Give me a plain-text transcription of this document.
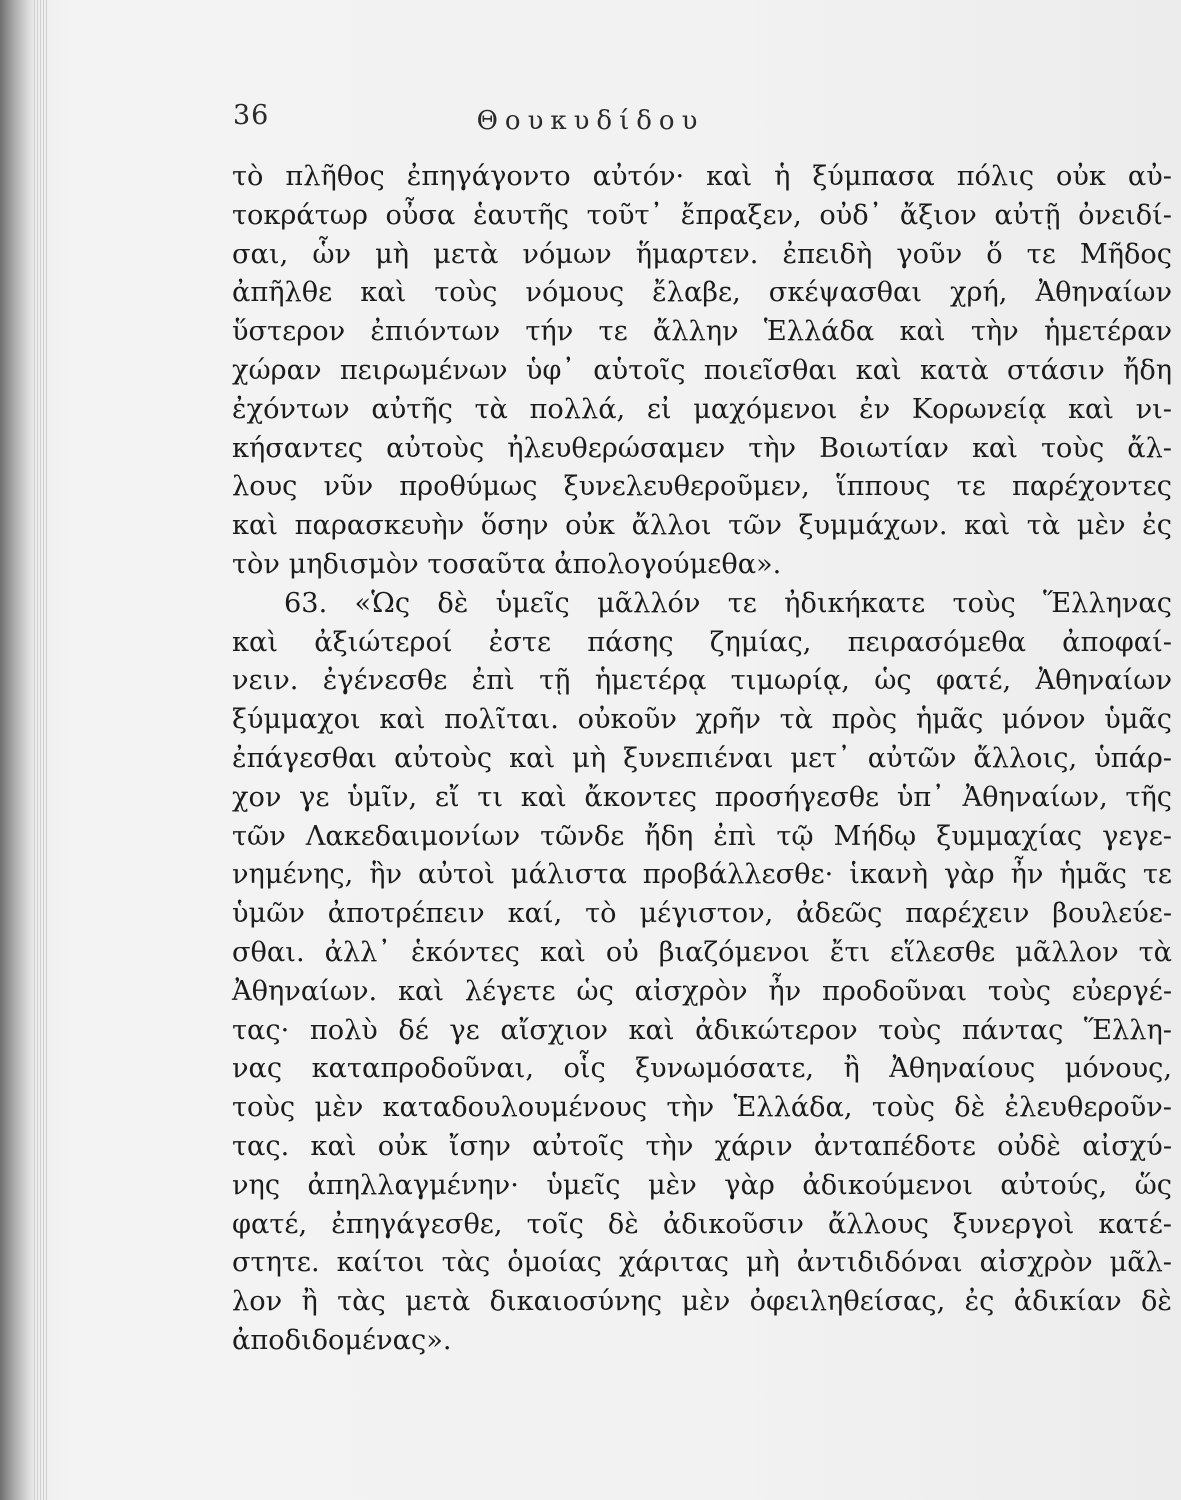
36	Θουκυδίδου
τὸ πλῆθος ἐπηγάγοντο αὐτόν· καὶ ἡ ξύμπασα πόλις οὐκ αὐ-
τοκράτωρ οὖσα ἑαυτῆς τοῦτ᾽ ἔπραξεν, οὐδ᾽ ἄξιον αὐτῇ ὀνειδί-
σαι, ὧν μὴ μετὰ νόμων ἥμαρτεν. ἐπειδὴ γοῦν ὅ τε Μῆδος
ἀπῆλθε καὶ τοὺς νόμους ἔλαβε, σκέψασθαι χρή, Ἀθηναίων
ὕστερον ἐπιόντων τήν τε ἄλλην Ἑλλάδα καὶ τὴν ἡμετέραν
χώραν πειρωμένων ὑφ᾽ αὑτοῖς ποιεῖσθαι καὶ κατὰ στάσιν ἤδη
ἐχόντων αὐτῆς τὰ πολλά, εἰ μαχόμενοι ἐν Κορωνείᾳ καὶ νι-
κήσαντες αὐτοὺς ἠλευθερώσαμεν τὴν Βοιωτίαν καὶ τοὺς ἄλ-
λους νῦν προθύμως ξυνελευθεροῦμεν, ἵππους τε παρέχοντες
καὶ παρασκευὴν ὅσην οὐκ ἄλλοι τῶν ξυμμάχων. καὶ τὰ μὲν ἐς
τὸν μηδισμὸν τοσαῦτα ἀπολογούμεθα».
63. «Ὡς δὲ ὑμεῖς μᾶλλόν τε ἠδικήκατε τοὺς Ἕλληνας
καὶ ἀξιώτεροί ἐστε πάσης ζημίας, πειρασόμεθα ἀποφαί-
νειν. ἐγένεσθε ἐπὶ τῇ ἡμετέρᾳ τιμωρίᾳ, ὡς φατέ, Ἀθηναίων
ξύμμαχοι καὶ πολῖται. οὐκοῦν χρῆν τὰ πρὸς ἡμᾶς μόνον ὑμᾶς
ἐπάγεσθαι αὐτοὺς καὶ μὴ ξυνεπιέναι μετ᾽ αὐτῶν ἄλλοις, ὑπάρ-
χον γε ὑμῖν, εἴ τι καὶ ἄκοντες προσήγεσθε ὑπ᾽ Ἀθηναίων, τῆς
τῶν Λακεδαιμονίων τῶνδε ἤδη ἐπὶ τῷ Μήδῳ ξυμμαχίας γεγε-
νημένης, ἣν αὐτοὶ μάλιστα προβάλλεσθε· ἱκανὴ γὰρ ἦν ἡμᾶς τε
ὑμῶν ἀποτρέπειν καί, τὸ μέγιστον, ἀδεῶς παρέχειν βουλεύε-
σθαι. ἀλλ᾽ ἑκόντες καὶ οὐ βιαζόμενοι ἔτι εἵλεσθε μᾶλλον τὰ
Ἀθηναίων. καὶ λέγετε ὡς αἰσχρὸν ἦν προδοῦναι τοὺς εὐεργέ-
τας· πολὺ δέ γε αἴσχιον καὶ ἀδικώτερον τοὺς πάντας Ἕλλη-
νας καταπροδοῦναι, οἷς ξυνωμόσατε, ἢ Ἀθηναίους μόνους,
τοὺς μὲν καταδουλουμένους τὴν Ἑλλάδα, τοὺς δὲ ἐλευθεροῦν-
τας. καὶ οὐκ ἴσην αὐτοῖς τὴν χάριν ἀνταπέδοτε οὐδὲ αἰσχύ-
νης ἀπηλλαγμένην· ὑμεῖς μὲν γὰρ ἀδικούμενοι αὐτούς, ὥς
φατέ, ἐπηγάγεσθε, τοῖς δὲ ἀδικοῦσιν ἄλλους ξυνεργοὶ κατέ-
στητε. καίτοι τὰς ὁμοίας χάριτας μὴ ἀντιδιδόναι αἰσχρὸν μᾶλ-
λον ἢ τὰς μετὰ δικαιοσύνης μὲν ὀφειληθείσας, ἐς ἀδικίαν δὲ
ἀποδιδομένας».
